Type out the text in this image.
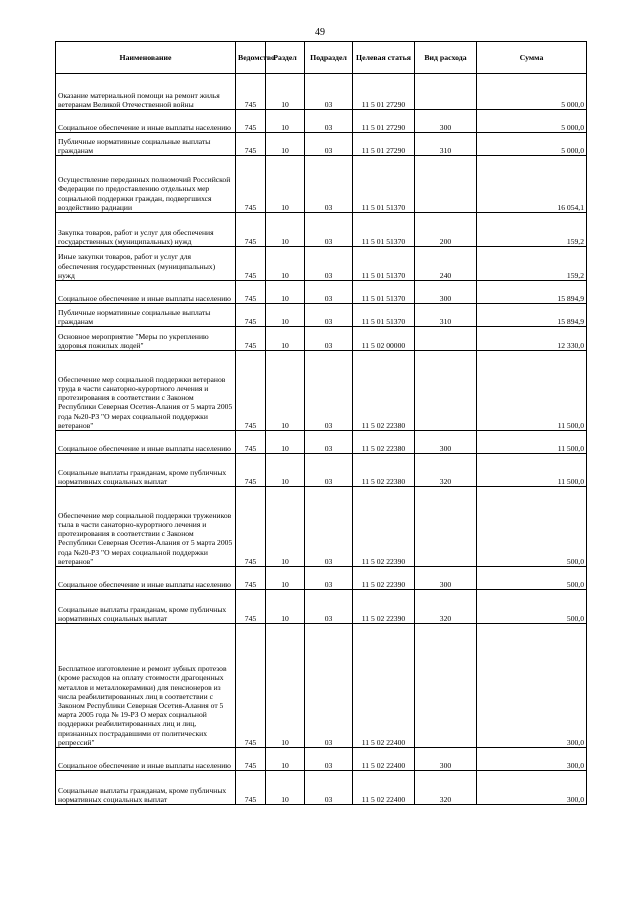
49
Наименование	Ведомство	Раздел	Подраздел	Целевая статья	Вид расхода	Сумма
Оказание материальной помощи на ремонт жилья ветеранам Великой Отечественной войны	745	10	03	11 5 01 27290		5 000,0
Социальное обеспечение и иные выплаты населению	745	10	03	11 5 01 27290	300	5 000,0
Публичные нормативные социальные выплаты гражданам	745	10	03	11 5 01 27290	310	5 000,0
Осуществление переданных полномочий Российской Федерации по предоставлению отдельных мер социальной поддержки граждан, подвергшихся воздействию радиации	745	10	03	11 5 01 51370		16 054,1
Закупка товаров, работ и услуг для обеспечения государственных (муниципальных) нужд	745	10	03	11 5 01 51370	200	159,2
Иные закупки товаров, работ и услуг для обеспечения государственных (муниципальных) нужд	745	10	03	11 5 01 51370	240	159,2
Социальное обеспечение и иные выплаты населению	745	10	03	11 5 01 51370	300	15 894,9
Публичные нормативные социальные выплаты гражданам	745	10	03	11 5 01 51370	310	15 894,9
Основное мероприятие "Меры по укреплению здоровья пожилых людей"	745	10	03	11 5 02 00000		12 330,0
Обеспечение мер социальной поддержки ветеранов труда в части санаторно-курортного лечения и протезирования в соответствии с Законом Республики Северная Осетия-Алания от 5 марта 2005 года №20-РЗ "О мерах социальной поддержки ветеранов"	745	10	03	11 5 02 22380		11 500,0
Социальное обеспечение и иные выплаты населению	745	10	03	11 5 02 22380	300	11 500,0
Социальные выплаты гражданам, кроме публичных нормативных социальных выплат	745	10	03	11 5 02 22380	320	11 500,0
Обеспечение мер социальной поддержки тружеников тыла в части санаторно-курортного лечения и протезирования в соответствии с Законом Республики Северная Осетия-Алания от 5 марта 2005 года №20-РЗ "О мерах социальной поддержки ветеранов"	745	10	03	11 5 02 22390		500,0
Социальное обеспечение и иные выплаты населению	745	10	03	11 5 02 22390	300	500,0
Социальные выплаты гражданам, кроме публичных нормативных социальных выплат	745	10	03	11 5 02 22390	320	500,0
Бесплатное изготовление и ремонт зубных протезов (кроме расходов на оплату стоимости драгоценных металлов и металлокерамики) для пенсионеров из числа реабилитированных лиц в соответствии с Законом Республики Северная Осетия-Алания от 5 марта 2005 года № 19-РЗ О мерах социальной поддержки реабилитированных лиц и лиц, признанных пострадавшими от политических репрессий"	745	10	03	11 5 02 22400		300,0
Социальное обеспечение и иные выплаты населению	745	10	03	11 5 02 22400	300	300,0
Социальные выплаты гражданам, кроме публичных нормативных социальных выплат	745	10	03	11 5 02 22400	320	300,0
